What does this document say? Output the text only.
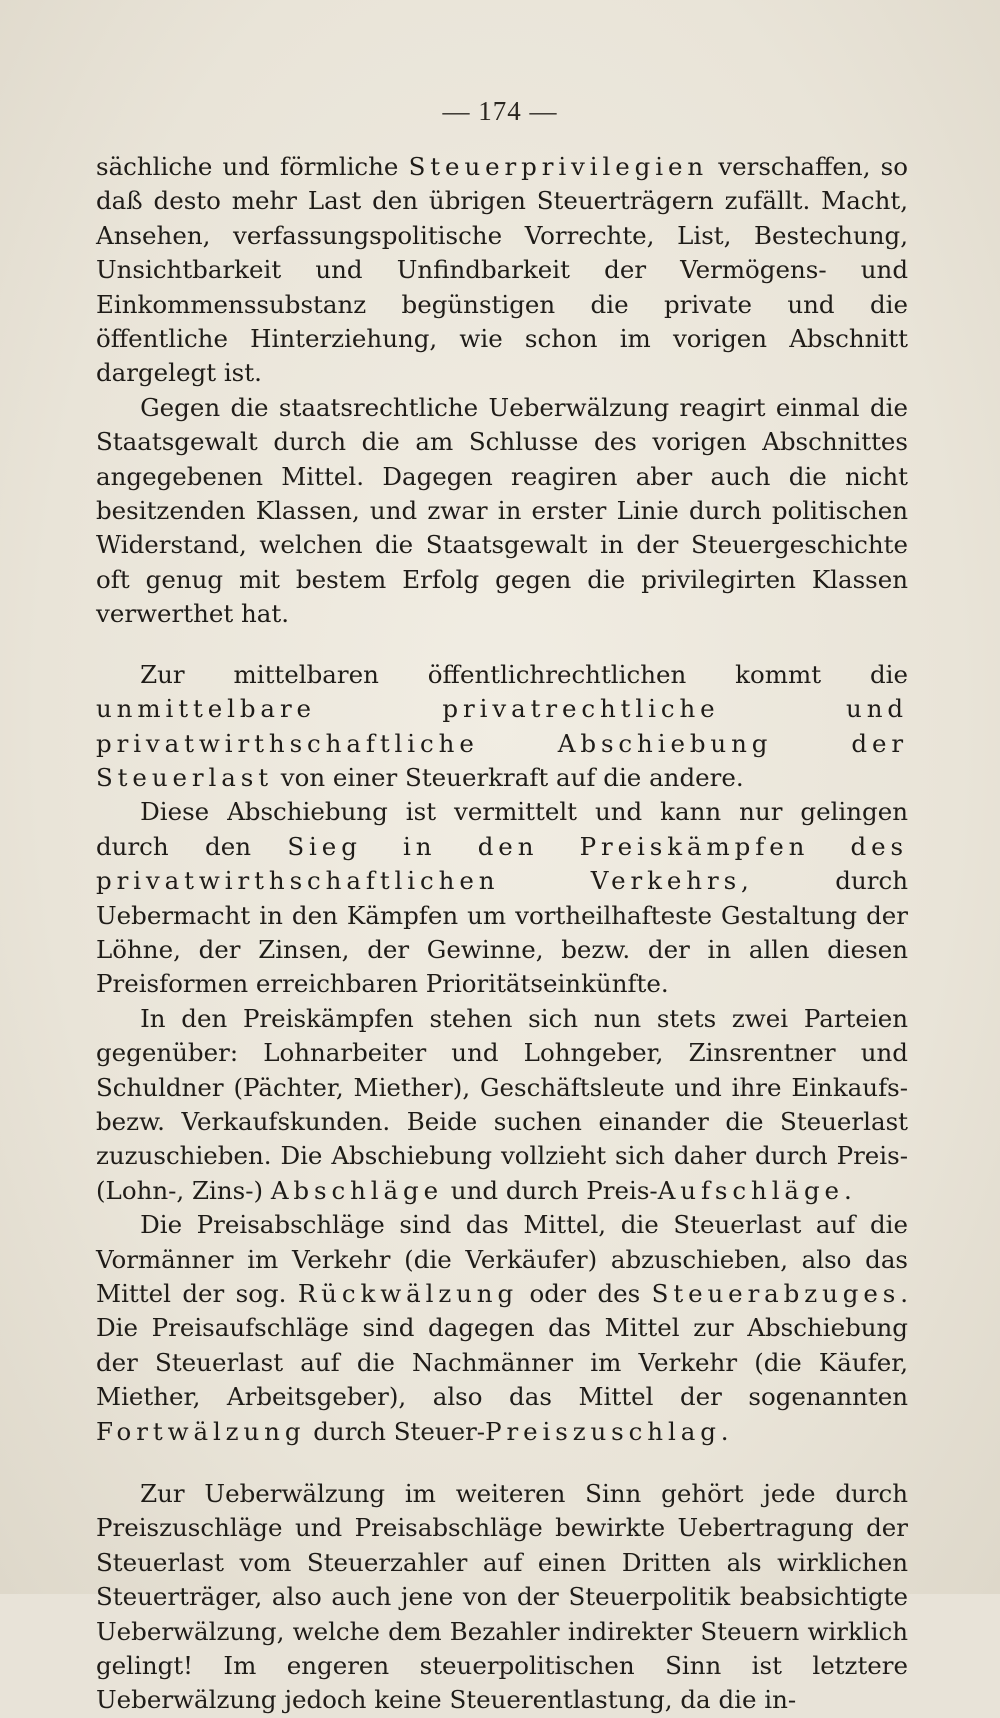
— 174 —

sächliche und förmliche Steuerprivilegien verschaffen, so daß desto mehr Last den übrigen Steuerträgern zufällt. Macht, Ansehen, verfassungspolitische Vorrechte, List, Bestechung, Unsichtbarkeit und Unfindbarkeit der Vermögens- und Einkommenssubstanz begünstigen die private und die öffentliche Hinterziehung, wie schon im vorigen Abschnitt dargelegt ist.

Gegen die staatsrechtliche Ueberwälzung reagirt einmal die Staatsgewalt durch die am Schlusse des vorigen Abschnittes angegebenen Mittel. Dagegen reagiren aber auch die nicht besitzenden Klassen, und zwar in erster Linie durch politischen Widerstand, welchen die Staatsgewalt in der Steuergeschichte oft genug mit bestem Erfolg gegen die privilegirten Klassen verwerthet hat.

Zur mittelbaren öffentlichrechtlichen kommt die unmittelbare privatrechtliche und privatwirthschaftliche Abschiebung der Steuerlast von einer Steuerkraft auf die andere.

Diese Abschiebung ist vermittelt und kann nur gelingen durch den Sieg in den Preiskämpfen des privatwirthschaftlichen Verkehrs, durch Uebermacht in den Kämpfen um vortheilhafteste Gestaltung der Löhne, der Zinsen, der Gewinne, bezw. der in allen diesen Preisformen erreichbaren Prioritätseinkünfte.

In den Preiskämpfen stehen sich nun stets zwei Parteien gegenüber: Lohnarbeiter und Lohngeber, Zinsrentner und Schuldner (Pächter, Miether), Geschäftsleute und ihre Einkaufs- bezw. Verkaufskunden. Beide suchen einander die Steuerlast zuzuschieben. Die Abschiebung vollzieht sich daher durch Preis- (Lohn-, Zins-) Abschläge und durch Preis-Aufschläge.

Die Preisabschläge sind das Mittel, die Steuerlast auf die Vormänner im Verkehr (die Verkäufer) abzuschieben, also das Mittel der sog. Rückwälzung oder des Steuerabzuges. Die Preisaufschläge sind dagegen das Mittel zur Abschiebung der Steuerlast auf die Nachmänner im Verkehr (die Käufer, Miether, Arbeitsgeber), also das Mittel der sogenannten Fortwälzung durch Steuer-Preiszuschlag.

Zur Ueberwälzung im weiteren Sinn gehört jede durch Preiszuschläge und Preisabschläge bewirkte Uebertragung der Steuerlast vom Steuerzahler auf einen Dritten als wirklichen Steuerträger, also auch jene von der Steuerpolitik beabsichtigte Ueberwälzung, welche dem Bezahler indirekter Steuern wirklich gelingt! Im engeren steuerpolitischen Sinn ist letztere Ueberwälzung jedoch keine Steuerentlastung, da die in-
